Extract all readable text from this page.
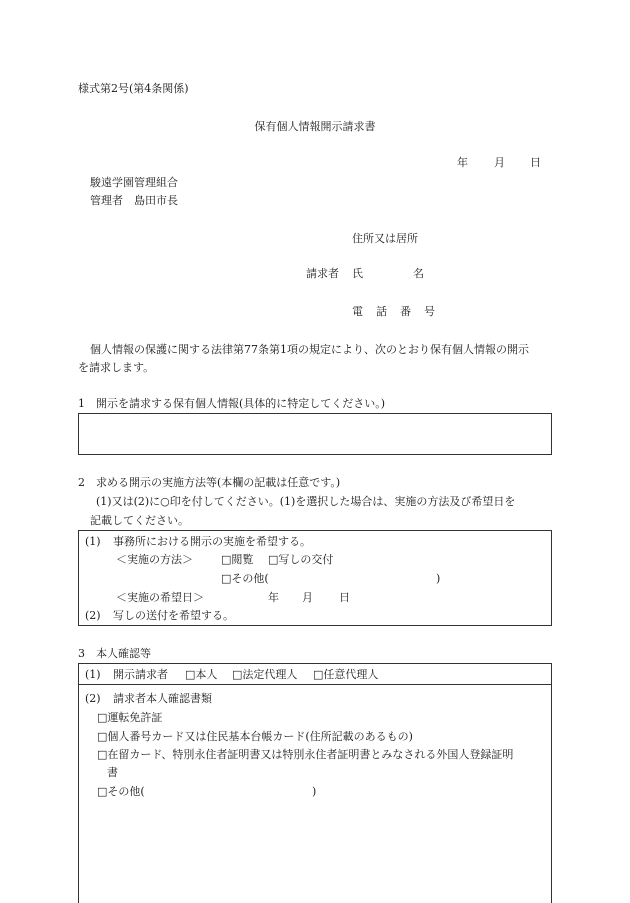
様式第2号(第4条関係)
保有個人情報開示請求書
年 月 日
駿遠学園管理組合
管理者　島田市長
住所又は居所
請求者 氏	名
電話番号
個人情報の保護に関する法律第77条第1項の規定により、次のとおり保有個人情報の開示
を請求します。
1　開示を請求する保有個人情報(具体的に特定してください。)
2　求める開示の実施方法等(本欄の記載は任意です。)
(1)又は(2)に○印を付してください。(1)を選択した場合は、実施の方法及び希望日を
記載してください。
(1) 事務所における開示の実施を希望する。
＜実施の方法＞	□閲覧 □写しの交付
□その他(	)
＜実施の希望日＞	年 月 日
(2) 写しの送付を希望する。
3　本人確認等
(1) 開示請求者 □本人 □法定代理人 □任意代理人
(2) 請求者本人確認書類
□運転免許証
□個人番号カード又は住民基本台帳カード(住所記載のあるもの)
□在留カード、特別永住者証明書又は特別永住者証明書とみなされる外国人登録証明
書
□その他(	)
